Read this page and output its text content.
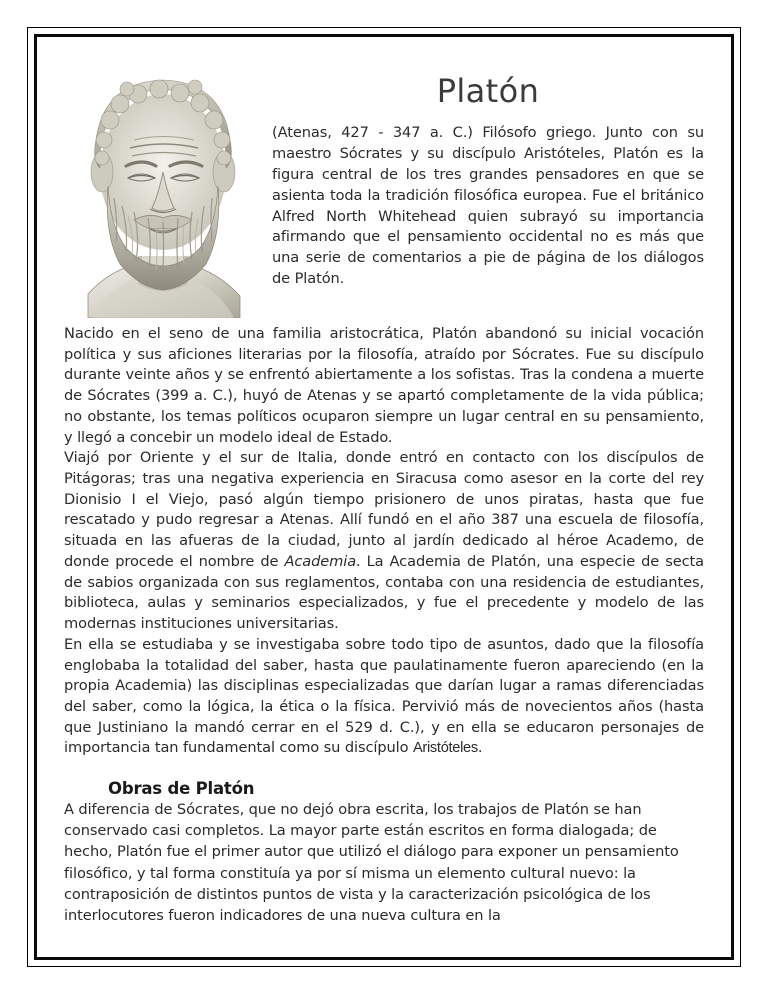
Platón

(Atenas, 427 - 347 a. C.) Filósofo griego. Junto con su maestro Sócrates y su discípulo Aristóteles, Platón es la figura central de los tres grandes pensadores en que se asienta toda la tradición filosófica europea. Fue el británico Alfred North Whitehead quien subrayó su importancia afirmando que el pensamiento occidental no es más que una serie de comentarios a pie de página de los diálogos de Platón.

Nacido en el seno de una familia aristocrática, Platón abandonó su inicial vocación política y sus aficiones literarias por la filosofía, atraído por Sócrates. Fue su discípulo durante veinte años y se enfrentó abiertamente a los sofistas. Tras la condena a muerte de Sócrates (399 a. C.), huyó de Atenas y se apartó completamente de la vida pública; no obstante, los temas políticos ocuparon siempre un lugar central en su pensamiento, y llegó a concebir un modelo ideal de Estado.

Viajó por Oriente y el sur de Italia, donde entró en contacto con los discípulos de Pitágoras; tras una negativa experiencia en Siracusa como asesor en la corte del rey Dionisio I el Viejo, pasó algún tiempo prisionero de unos piratas, hasta que fue rescatado y pudo regresar a Atenas. Allí fundó en el año 387 una escuela de filosofía, situada en las afueras de la ciudad, junto al jardín dedicado al héroe Academo, de donde procede el nombre de Academia. La Academia de Platón, una especie de secta de sabios organizada con sus reglamentos, contaba con una residencia de estudiantes, biblioteca, aulas y seminarios especializados, y fue el precedente y modelo de las modernas instituciones universitarias.

En ella se estudiaba y se investigaba sobre todo tipo de asuntos, dado que la filosofía englobaba la totalidad del saber, hasta que paulatinamente fueron apareciendo (en la propia Academia) las disciplinas especializadas que darían lugar a ramas diferenciadas del saber, como la lógica, la ética o la física. Pervivió más de novecientos años (hasta que Justiniano la mandó cerrar en el 529 d. C.), y en ella se educaron personajes de importancia tan fundamental como su discípulo Aristóteles.

Obras de Platón

A diferencia de Sócrates, que no dejó obra escrita, los trabajos de Platón se han conservado casi completos. La mayor parte están escritos en forma dialogada; de hecho, Platón fue el primer autor que utilizó el diálogo para exponer un pensamiento filosófico, y tal forma constituía ya por sí misma un elemento cultural nuevo: la contraposición de distintos puntos de vista y la caracterización psicológica de los interlocutores fueron indicadores de una nueva cultura en la
